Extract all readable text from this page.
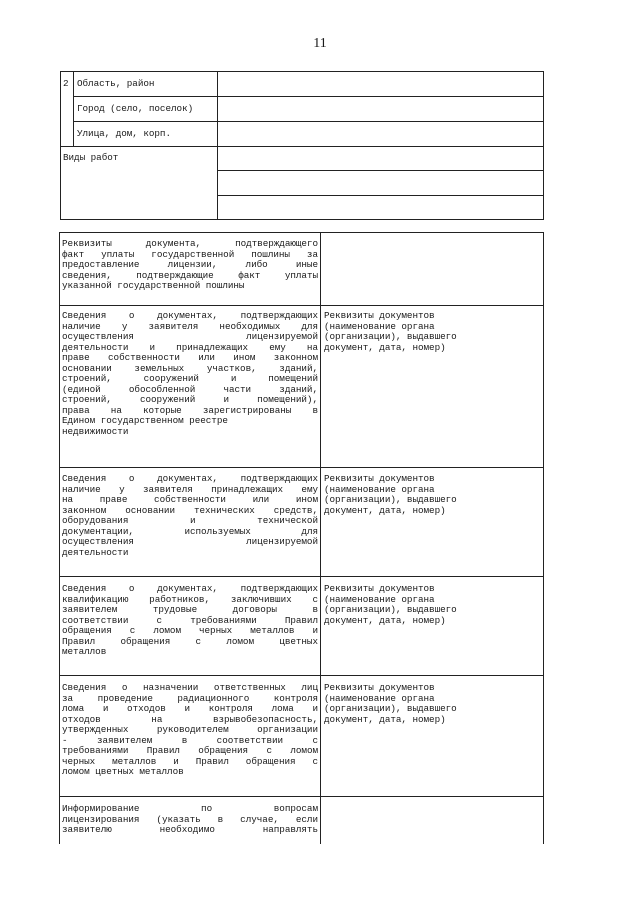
11
2 Область, район
Город (село, поселок)
Улица, дом, корп.
Виды работ
Реквизиты документа, подтверждающего
факт уплаты государственной пошлины за
предоставление лицензии, либо иные
сведения, подтверждающие факт уплаты
указанной государственной пошлины
Сведения о документах, подтверждающих
наличие у заявителя необходимых для
осуществления лицензируемой
деятельности и принадлежащих ему на
праве собственности или ином законном
основании земельных участков, зданий,
строений, сооружений и помещений
(единой обособленной части зданий,
строений, сооружений и помещений),
права на которые зарегистрированы в
Едином государственном реестре
недвижимости
Реквизиты документов
(наименование органа
(организации), выдавшего
документ, дата, номер)
Сведения о документах, подтверждающих
наличие у заявителя принадлежащих ему
на праве собственности или ином
законном основании технических средств,
оборудования и технической
документации, используемых для
осуществления лицензируемой
деятельности
Реквизиты документов
(наименование органа
(организации), выдавшего
документ, дата, номер)
Сведения о документах, подтверждающих
квалификацию работников, заключивших с
заявителем трудовые договоры в
соответствии с требованиями Правил
обращения с ломом черных металлов и
Правил обращения с ломом цветных
металлов
Реквизиты документов
(наименование органа
(организации), выдавшего
документ, дата, номер)
Сведения о назначении ответственных лиц
за проведение радиационного контроля
лома и отходов и контроля лома и
отходов на взрывобезопасность,
утвержденных руководителем организации
- заявителем в соответствии с
требованиями Правил обращения с ломом
черных металлов и Правил обращения с
ломом цветных металлов
Реквизиты документов
(наименование органа
(организации), выдавшего
документ, дата, номер)
Информирование по вопросам
лицензирования (указать в случае, если
заявителю необходимо направлять
